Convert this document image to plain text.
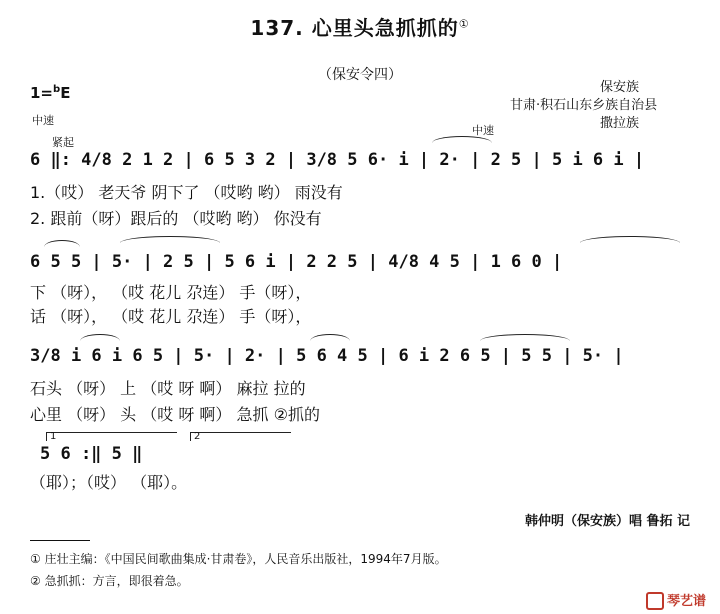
137. 心里头急抓抓的①
（保安令四）
1=$^b$E	保安族
甘肃·积石山东乡族自治县
撒拉族
中速
紧起
中速
6 ‖: 4/8 2 1 2 | 6 5 3 2 | 3/8 5 6· i | 2· | 2 5 | 5 i 6 i |
1.（哎） 老天爷 阴下了 （哎哟 哟） 雨没有
2. 跟前（呀）跟后的 （哎哟 哟） 你没有
6 5 5 | 5· | 2 5 | 5 6 i | 2 2 5 | 4/8 4 5 | 1 6 0 |
下 （呀）， （哎 花儿 尕连） 手（呀），
话 （呀）， （哎 花儿 尕连） 手（呀），
3/8 i 6 i 6 5 | 5· | 2· | 5 6 4 5 | 6 i 2 6 5 | 5 5 | 5· |
石头 （呀） 上 （哎 呀 啊） 麻拉 拉的
心里 （呀） 头 （哎 呀 啊） 急抓 ②抓的
1	2
5 6 :‖ 5 ‖
（耶）；（哎） （耶）。
韩仲明（保安族）唱 鲁拓 记
① 庄壮主编：《中国民间歌曲集成·甘肃卷》，人民音乐出版社，1994年7月版。
② 急抓抓：方言，即很着急。
琴艺谱
